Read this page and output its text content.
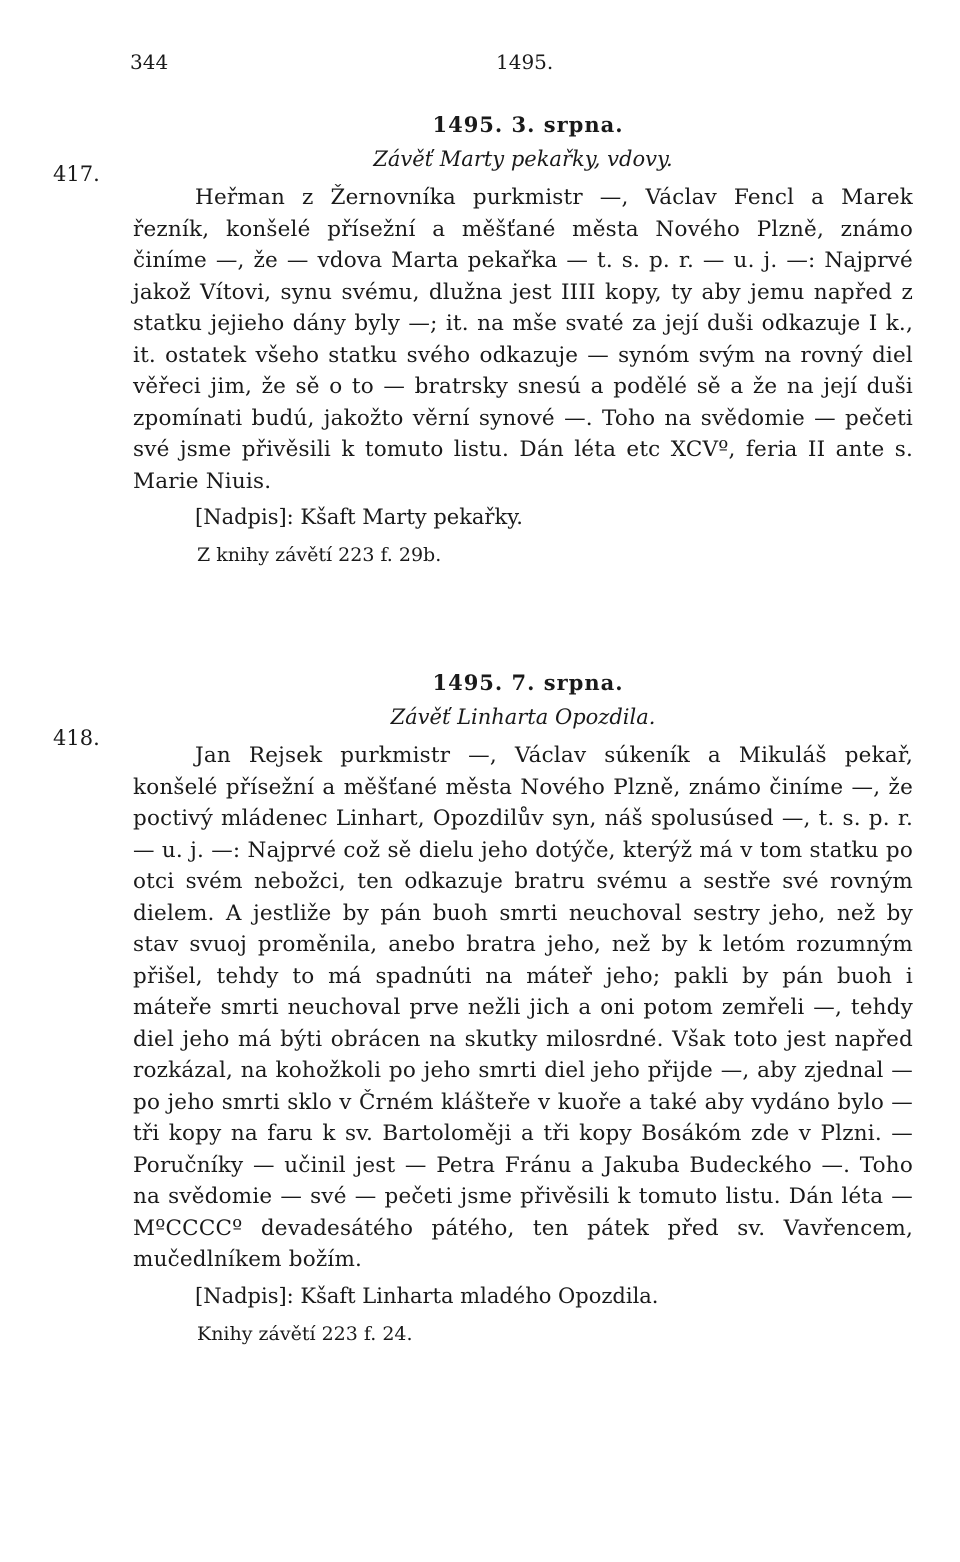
344	1495.
417.
1495. 3. srpna.
Závěť Marty pekařky, vdovy.
Heřman z Žernovníka purkmistr —, Václav Fencl a Marek řezník, konšelé přísežní a měšťané města Nového Plzně, známo činíme —, že — vdova Marta pekařka — t. s. p. r. — u. j. —: Najprvé jakož Vítovi, synu svému, dlužna jest IIII kopy, ty aby jemu napřed z statku jejieho dány byly —; it. na mše svaté za její duši odkazuje I k., it. ostatek všeho statku svého odkazuje — synóm svým na rovný diel věřeci jim, že sě o to — bratrsky snesú a podělé sě a že na její duši zpomínati budú, jakožto věrní synové —. Toho na svědomie — pečeti své jsme přivěsili k tomuto listu. Dán léta etc XCVº, feria II ante s. Marie Niuis.
[Nadpis]: Kšaft Marty pekařky.
Z knihy závětí 223 f. 29b.
418.
1495. 7. srpna.
Závěť Linharta Opozdila.
Jan Rejsek purkmistr —, Václav súkeník a Mikuláš pekař, konšelé přísežní a měšťané města Nového Plzně, známo činíme —, že poctivý mládenec Linhart, Opozdilův syn, náš spolusúsed —, t. s. p. r. — u. j. —: Najprvé což sě dielu jeho dotýče, kterýž má v tom statku po otci svém nebožci, ten odkazuje bratru svému a sestře své rovným dielem. A jestliže by pán buoh smrti neuchoval sestry jeho, než by stav svuoj proměnila, anebo bratra jeho, než by k letóm rozumným přišel, tehdy to má spadnúti na máteř jeho; pakli by pán buoh i máteře smrti neuchoval prve nežli jich a oni potom zemřeli —, tehdy diel jeho má býti obrácen na skutky milosrdné. Však toto jest napřed rozkázal, na kohožkoli po jeho smrti diel jeho přijde —, aby zjednal — po jeho smrti sklo v Črném klášteře v kuoře a také aby vydáno bylo — tři kopy na faru k sv. Bartoloměji a tři kopy Bosákóm zde v Plzni. — Poručníky — učinil jest — Petra Fránu a Jakuba Budeckého —. Toho na svědomie — své — pečeti jsme přivěsili k tomuto listu. Dán léta — MºCCCCº devadesátého pátého, ten pátek před sv. Vavřencem, mučedlníkem božím.
[Nadpis]: Kšaft Linharta mladého Opozdila.
Knihy závětí 223 f. 24.
